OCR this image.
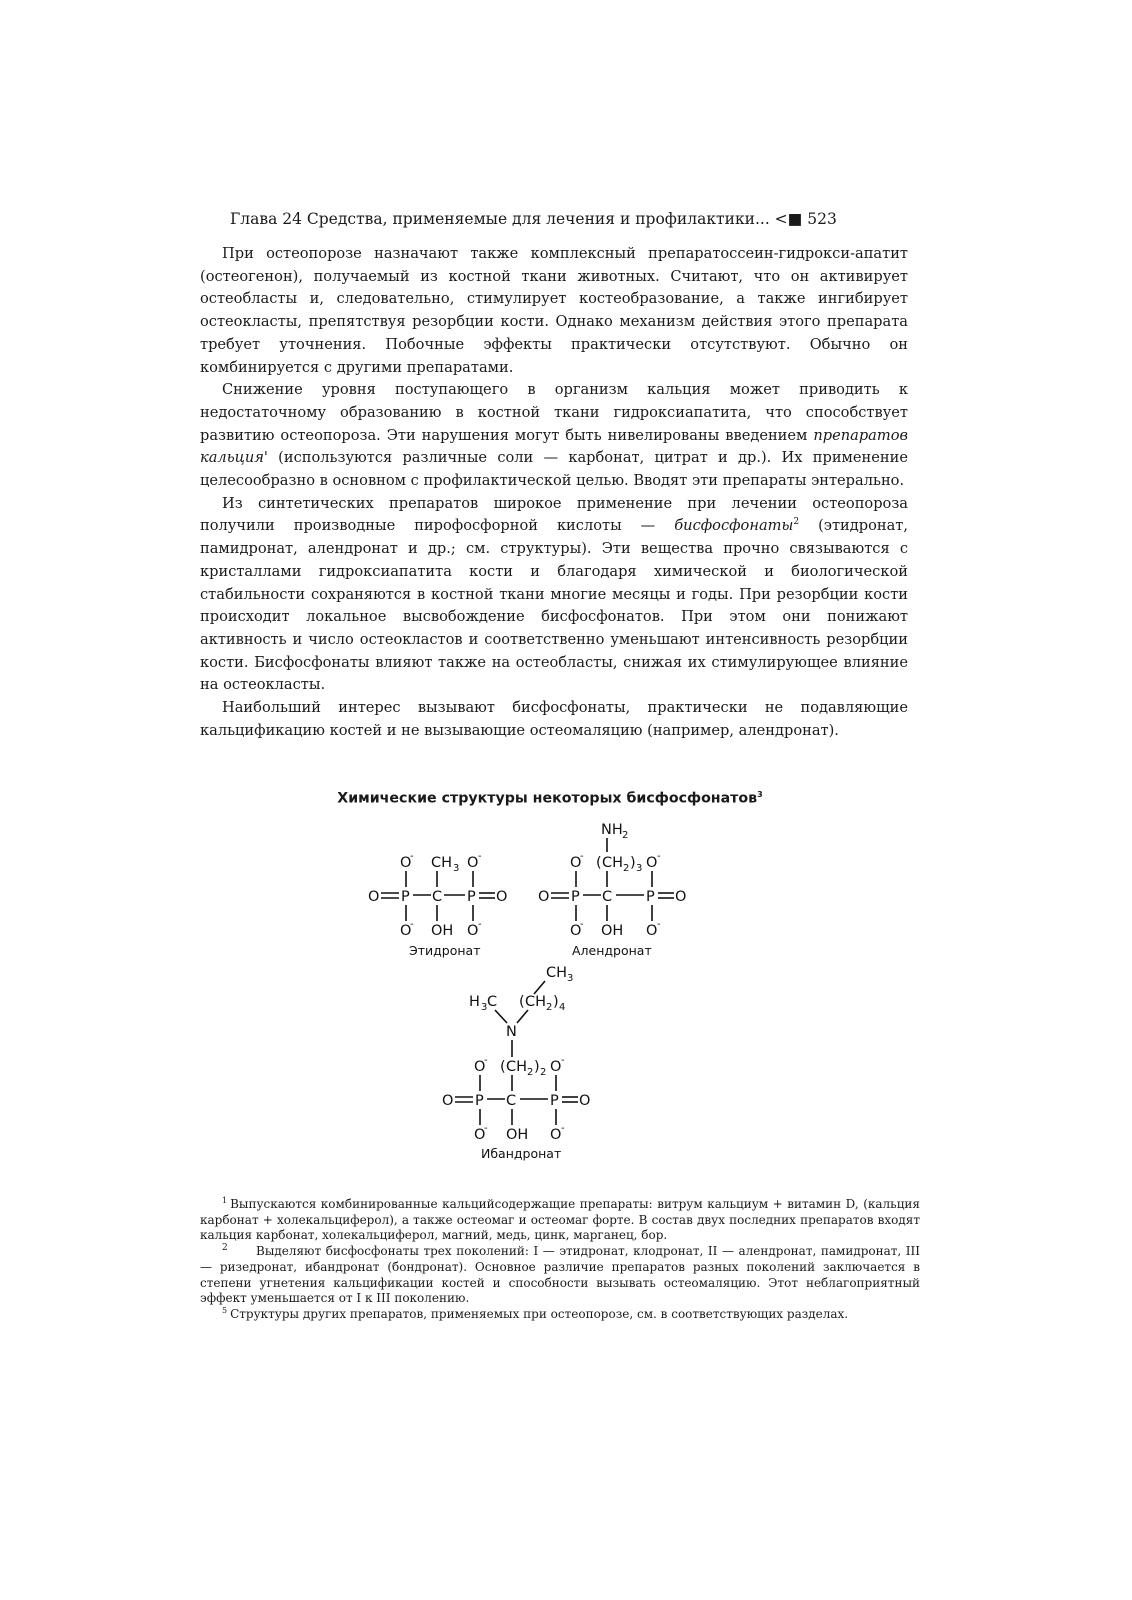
Глава 24 Средства, применяемые для лечения и профилактики... <■ 523

При остеопорозе назначают также комплексный препаратоссеин-гидрокси-апатит (остеогенон), получаемый из костной ткани животных. Считают, что он активирует остеобласты и, следовательно, стимулирует костеобразование, а также ингибирует остеокласты, препятствуя резорбции кости. Однако механизм действия этого препарата требует уточнения. Побочные эффекты практически отсутствуют. Обычно он комбинируется с другими препаратами.

Снижение уровня поступающего в организм кальция может приводить к недостаточному образованию в костной ткани гидроксиапатита, что способствует развитию остеопороза. Эти нарушения могут быть нивелированы введением препаратов кальция' (используются различные соли — карбонат, цитрат и др.). Их применение целесообразно в основном с профилактической целью. Вводят эти препараты энтерально.

Из синтетических препаратов широкое применение при лечении остеопороза получили производные пирофосфорной кислоты — бисфосфонаты$^2$ (этидронат, памидронат, алендронат и др.; см. структуры). Эти вещества прочно связываются с кристаллами гидроксиапатита кости и благодаря химической и биологической стабильности сохраняются в костной ткани многие месяцы и годы. При резорбции кости происходит локальное высвобождение бисфосфонатов. При этом они понижают активность и число остеокластов и соответственно уменьшают интенсивность резорбции кости. Бисфосфонаты влияют также на остеобласты, снижая их стимулирующее влияние на остеокласты.

Наибольший интерес вызывают бисфосфонаты, практически не подавляющие кальцификацию костей и не вызывающие остеомаляцию (например, алендронат).

Химические структуры некоторых бисфосфонатов$^3$
O
- CH 3 O -
O P C P O
O
- OH O -
Этидронат
NH 2
O
- ( CH 2 ) 3 O -
O P C P O
O
- OH O -
Алендронат
CH 3
H 3 C ( CH 2 ) 4
N
O
- ( CH 2 ) 2 O -
O P C P O
O
- OH O -
Ибандронат

$^1$ Выпускаются комбинированные кальцийсодержащие препараты: витрум кальциум + витамин D, (кальция карбонат + холекальциферол), а также остеомаг и остеомаг форте. В состав двух последних препаратов входят кальция карбонат, холекальциферол, магний, медь, цинк, марганец, бор.

2 Выделяют бисфосфонаты трех поколений: I — этидронат, клодронат, II — алендронат, памидронат, III — ризедронат, ибандронат (бондронат). Основное различие препаратов разных поколений заключается в степени угнетения кальцификации костей и способности вызывать остеомаляцию. Этот неблагоприятный эффект уменьшается от I к III поколению.

$^5$ Структуры других препаратов, применяемых при остеопорозе, см. в соответствующих разделах.
